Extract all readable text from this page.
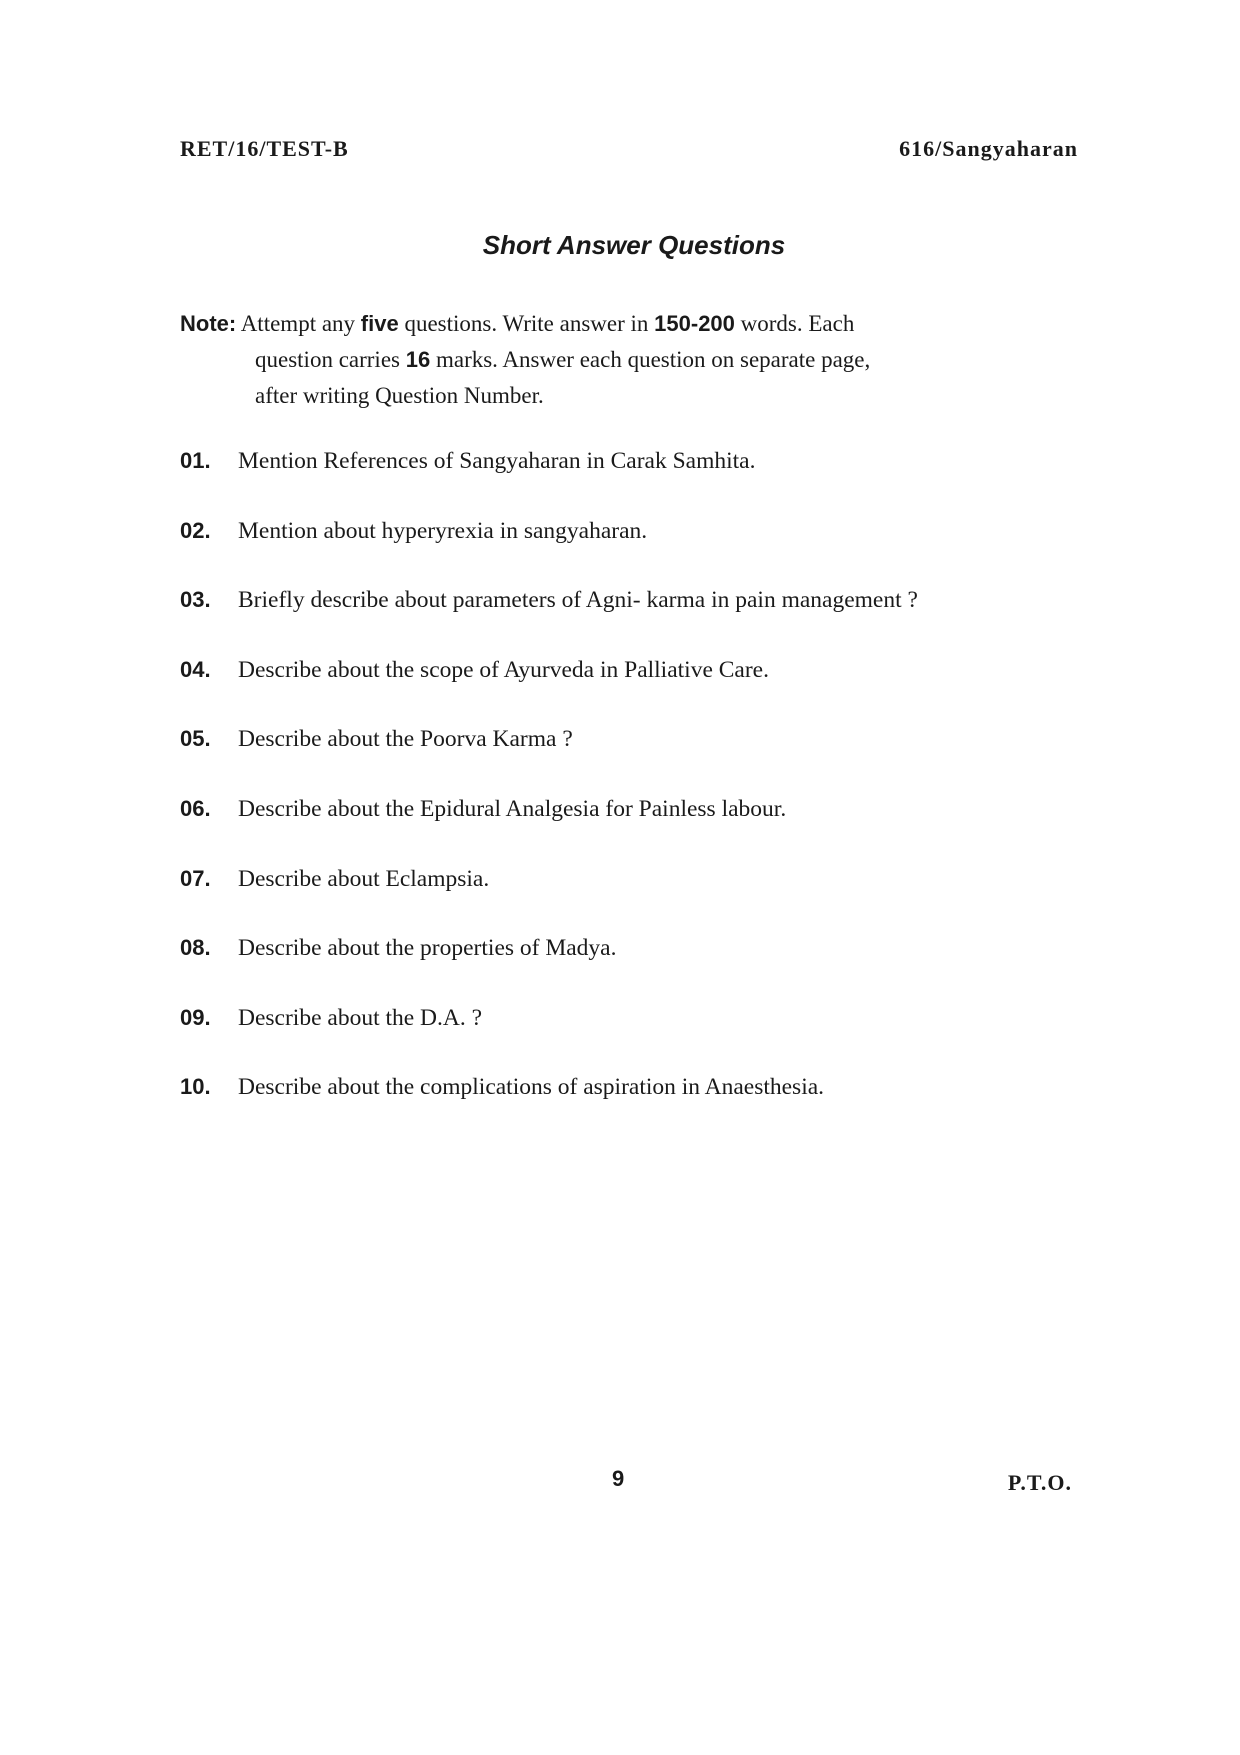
RET/16/TEST-B	616/Sangyaharan
Short Answer Questions
Note: Attempt any five questions. Write answer in 150-200 words. Each
question carries 16 marks. Answer each question on separate page,
after writing Question Number.
01.	Mention References of Sangyaharan in Carak Samhita.
02.	Mention about hyperyrexia in sangyaharan.
03.	Briefly describe about parameters of Agni- karma in pain management ?
04.	Describe about the scope of Ayurveda in Palliative Care.
05.	Describe about the Poorva Karma ?
06.	Describe about the Epidural Analgesia for Painless labour.
07.	Describe about Eclampsia.
08.	Describe about the properties of Madya.
09.	Describe about the D.A. ?
10.	Describe about the complications of aspiration in Anaesthesia.
9	P.T.O.
